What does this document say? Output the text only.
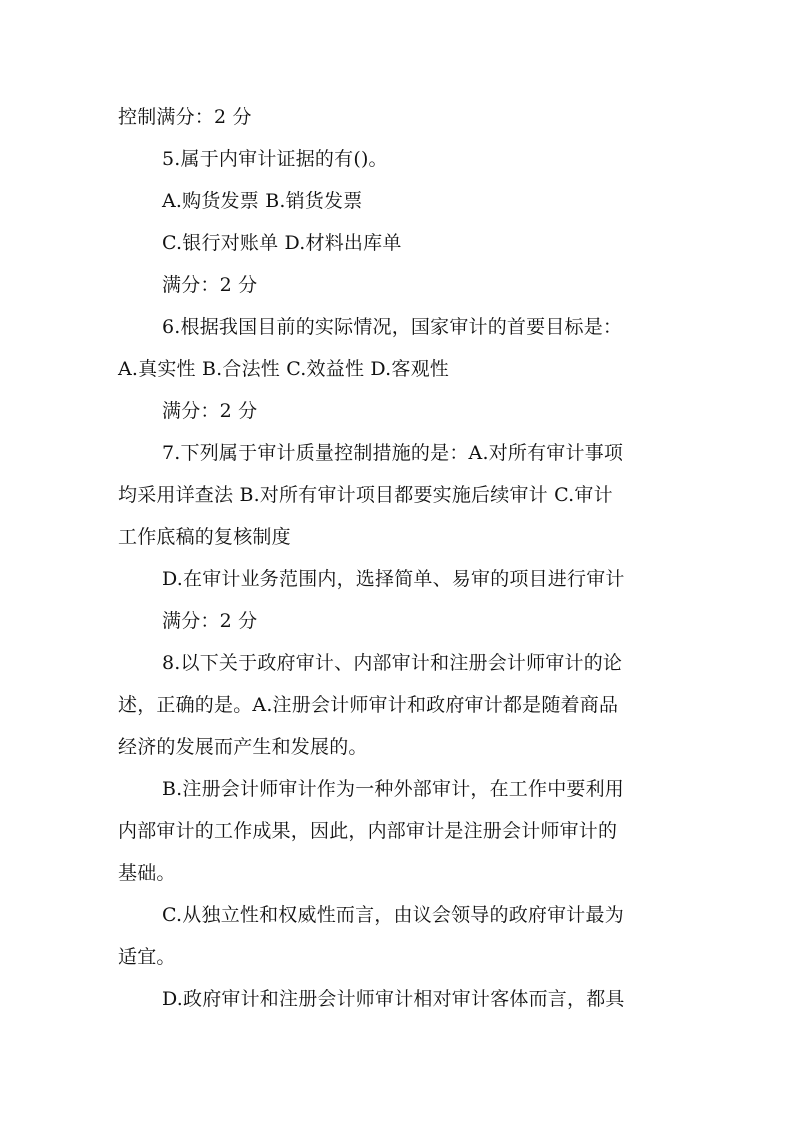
控制满分：2 分
5.属于内审计证据的有()。
A.购货发票 B.销货发票
C.银行对账单 D.材料出库单
满分：2 分
6.根据我国目前的实际情况，国家审计的首要目标是：
A.真实性 B.合法性 C.效益性 D.客观性
满分：2 分
7.下列属于审计质量控制措施的是：A.对所有审计事项
均采用详查法 B.对所有审计项目都要实施后续审计 C.审计
工作底稿的复核制度
D.在审计业务范围内，选择简单、易审的项目进行审计
满分：2 分
8.以下关于政府审计、内部审计和注册会计师审计的论
述，正确的是。A.注册会计师审计和政府审计都是随着商品
经济的发展而产生和发展的。
B.注册会计师审计作为一种外部审计，在工作中要利用
内部审计的工作成果，因此，内部审计是注册会计师审计的
基础。
C.从独立性和权威性而言，由议会领导的政府审计最为
适宜。
D.政府审计和注册会计师审计相对审计客体而言，都具
